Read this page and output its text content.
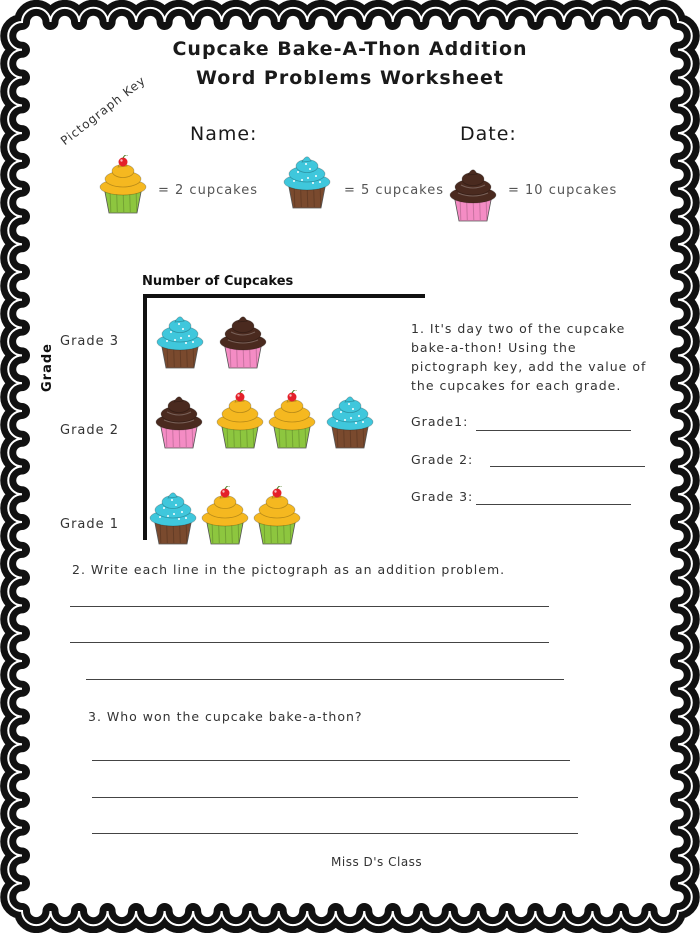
Cupcake Bake-A-Thon Addition
Word Problems Worksheet
Name:	Date:
Pictograph Key
= 2 cupcakes	= 5 cupcakes	= 10 cupcakes
Number of Cupcakes
Grade
Grade 3
Grade 2
Grade 1
1. It's day two of the cupcake
bake-a-thon! Using the
pictograph key, add the value of
the cupcakes for each grade.
Grade1:
Grade 2:
Grade 3:
2. Write each line in the pictograph as an addition problem.
3. Who won the cupcake bake-a-thon?
Miss D's Class
